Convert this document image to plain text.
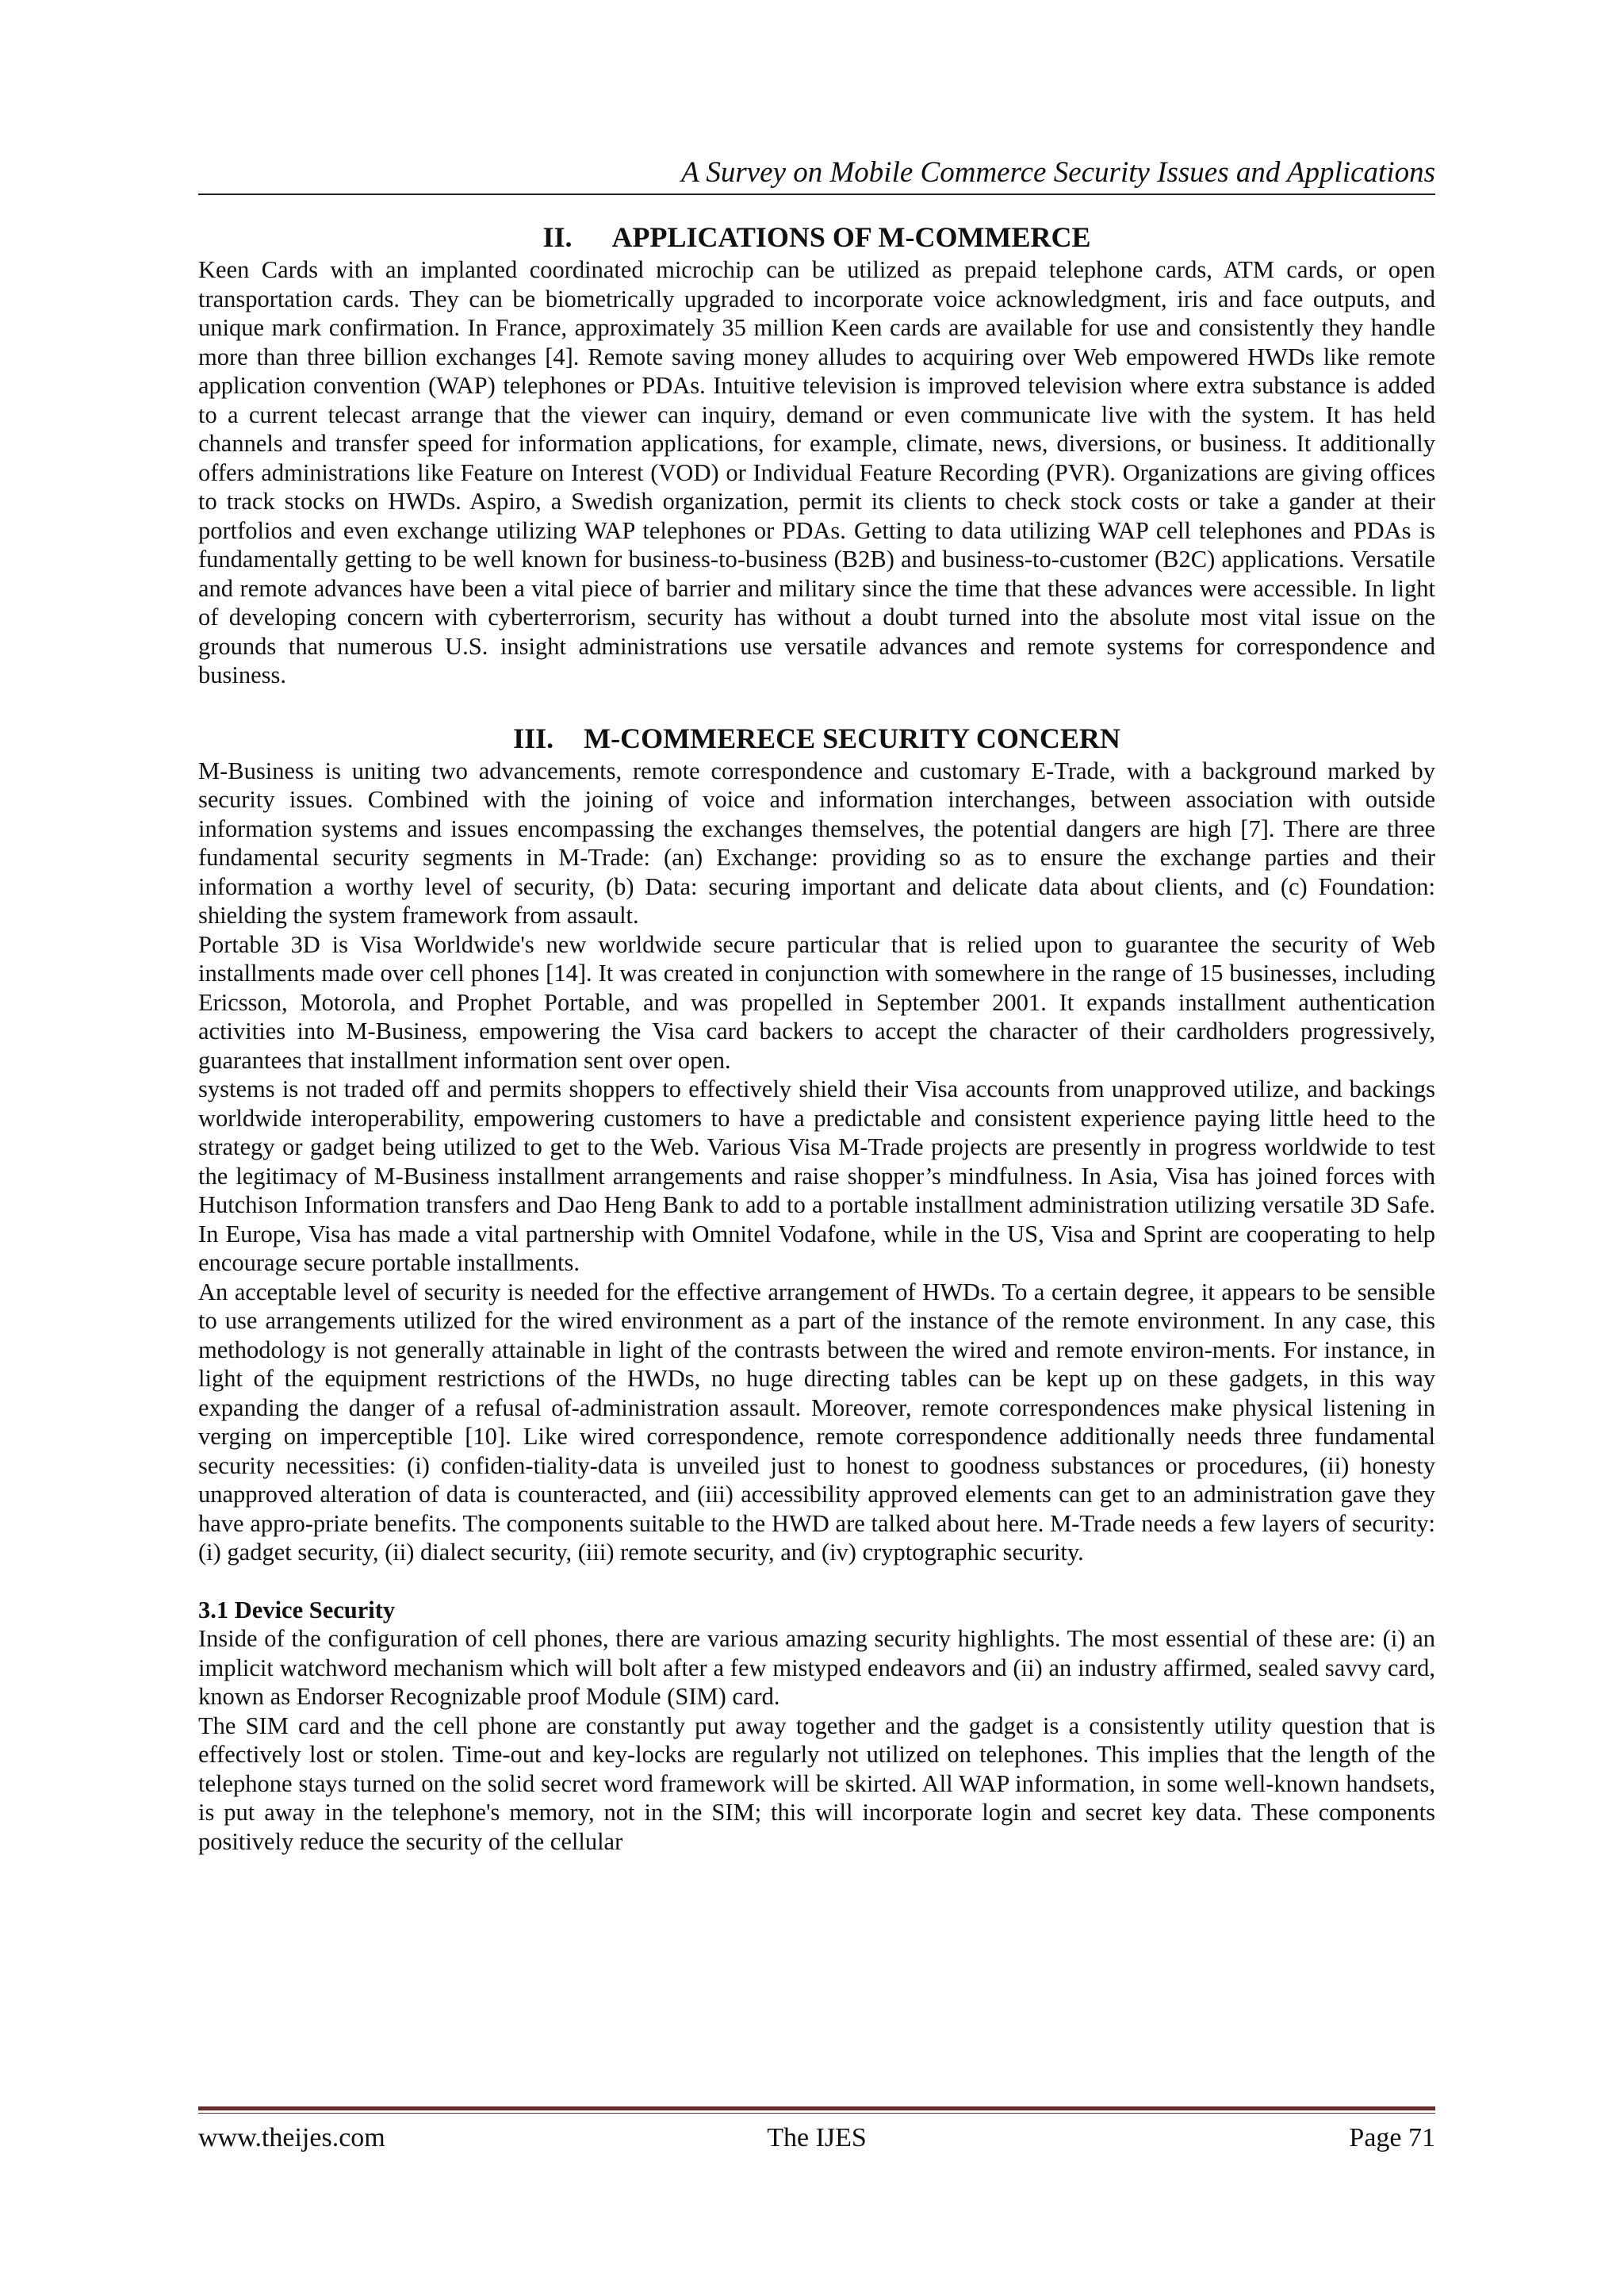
A Survey on Mobile Commerce Security Issues and Applications
II. APPLICATIONS OF M-COMMERCE

Keen Cards with an implanted coordinated microchip can be utilized as prepaid telephone cards, ATM cards, or open transportation cards. They can be biometrically upgraded to incorporate voice acknowledgment, iris and face outputs, and unique mark confirmation. In France, approximately 35 million Keen cards are available for use and consistently they handle more than three billion exchanges [4]. Remote saving money alludes to acquiring over Web empowered HWDs like remote application convention (WAP) telephones or PDAs. Intuitive television is improved television where extra substance is added to a current telecast arrange that the viewer can inquiry, demand or even communicate live with the system. It has held channels and transfer speed for information applications, for example, climate, news, diversions, or business. It additionally offers administrations like Feature on Interest (VOD) or Individual Feature Recording (PVR). Organizations are giving offices to track stocks on HWDs. Aspiro, a Swedish organization, permit its clients to check stock costs or take a gander at their portfolios and even exchange utilizing WAP telephones or PDAs. Getting to data utilizing WAP cell telephones and PDAs is fundamentally getting to be well known for business-to-business (B2B) and business-to-customer (B2C) applications. Versatile and remote advances have been a vital piece of barrier and military since the time that these advances were accessible. In light of developing concern with cyberterrorism, security has without a doubt turned into the absolute most vital issue on the grounds that numerous U.S. insight administrations use versatile advances and remote systems for correspondence and business.

III. M-COMMERECE SECURITY CONCERN

M-Business is uniting two advancements, remote correspondence and customary E-Trade, with a background marked by security issues. Combined with the joining of voice and information interchanges, between association with outside information systems and issues encompassing the exchanges themselves, the potential dangers are high [7]. There are three fundamental security segments in M-Trade: (an) Exchange: providing so as to ensure the exchange parties and their information a worthy level of security, (b) Data: securing important and delicate data about clients, and (c) Foundation: shielding the system framework from assault.

Portable 3D is Visa Worldwide's new worldwide secure particular that is relied upon to guarantee the security of Web installments made over cell phones [14]. It was created in conjunction with somewhere in the range of 15 businesses, including Ericsson, Motorola, and Prophet Portable, and was propelled in September 2001. It expands installment authentication activities into M-Business, empowering the Visa card backers to accept the character of their cardholders progressively, guarantees that installment information sent over open.

systems is not traded off and permits shoppers to effectively shield their Visa accounts from unapproved utilize, and backings worldwide interoperability, empowering customers to have a predictable and consistent experience paying little heed to the strategy or gadget being utilized to get to the Web. Various Visa M-Trade projects are presently in progress worldwide to test the legitimacy of M-Business installment arrangements and raise shopper’s mindfulness. In Asia, Visa has joined forces with Hutchison Information transfers and Dao Heng Bank to add to a portable installment administration utilizing versatile 3D Safe. In Europe, Visa has made a vital partnership with Omnitel Vodafone, while in the US, Visa and Sprint are cooperating to help encourage secure portable installments.

An acceptable level of security is needed for the effective arrangement of HWDs. To a certain degree, it appears to be sensible to use arrangements utilized for the wired environment as a part of the instance of the remote environment. In any case, this methodology is not generally attainable in light of the contrasts between the wired and remote environ-ments. For instance, in light of the equipment restrictions of the HWDs, no huge directing tables can be kept up on these gadgets, in this way expanding the danger of a refusal of-administration assault. Moreover, remote correspondences make physical listening in verging on imperceptible [10]. Like wired correspondence, remote correspondence additionally needs three fundamental security necessities: (i) confiden-tiality-data is unveiled just to honest to goodness substances or procedures, (ii) honesty unapproved alteration of data is counteracted, and (iii) accessibility approved elements can get to an administration gave they have appro-priate benefits. The components suitable to the HWD are talked about here. M-Trade needs a few layers of security: (i) gadget security, (ii) dialect security, (iii) remote security, and (iv) cryptographic security.

3.1 Device Security

Inside of the configuration of cell phones, there are various amazing security highlights. The most essential of these are: (i) an implicit watchword mechanism which will bolt after a few mistyped endeavors and (ii) an industry affirmed, sealed savvy card, known as Endorser Recognizable proof Module (SIM) card.

The SIM card and the cell phone are constantly put away together and the gadget is a consistently utility question that is effectively lost or stolen. Time-out and key-locks are regularly not utilized on telephones. This implies that the length of the telephone stays turned on the solid secret word framework will be skirted. All WAP information, in some well-known handsets, is put away in the telephone's memory, not in the SIM; this will incorporate login and secret key data. These components positively reduce the security of the cellular

www.theijes.com	The IJES	Page 71
